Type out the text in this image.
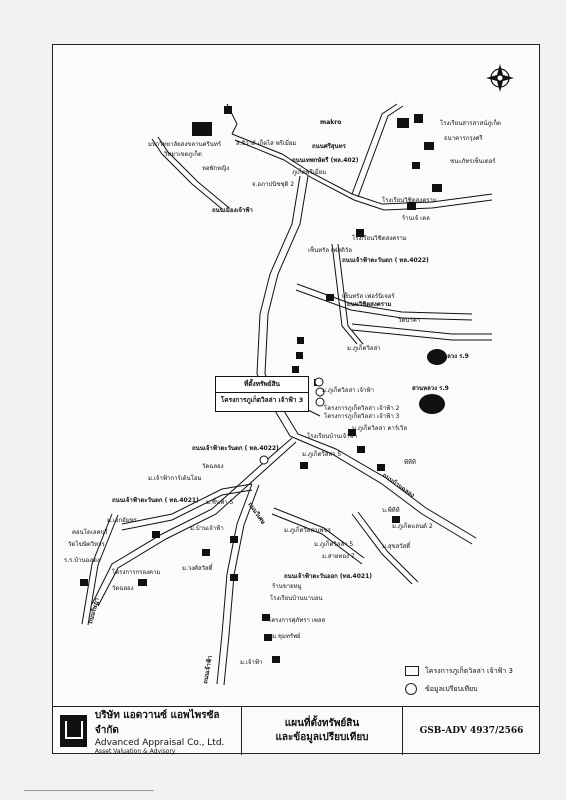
makro
มหาวิทยาลัยสงขลานครินทร์
วิทยาเขตภูเก็ต
หอพักหญิง
ส.ธิวาส์ เก็ตไส พรีเมี่ยม
โรงเรียนสารสาสน์ภูเก็ต
ธนาคารกรุงศรี
ชนะภัทรเซ็นเตอร์
ถนนศรีสุนทร
ถนนเทพกษัตรี (ทล.402)
ภูเก็ตพรีเมี่ยม
ถนนเมืองเจ้าฟ้า
จ.อภาปนิชชุติ 2
โรงเรียนวิชิตสงคราม
ร้านเจ้ เตล
โรงเรียนวิชิตสงคราม
ถนนเจ้าฟ้าตะวันตก ( ทล.4022)
เซ็นทรัล เฟสติวัล
เซ็นทรัล เฟอร์นิเจอร์
ถนนวิชิตสงคราม
วัดนาคา
สวนหลวง ร.9
สวนหลวง ร.9
ม.ภูเก็ตวิลล่า
ม.ภูเก็ตวิลล่า เจ้าฟ้า
โครงการภูเก็ตวิลล่า เจ้าฟ้า 2
โครงการภูเก็ตวิลล่า เจ้าฟ้า 3
ม.ภูเก็ตวิลล่า 5
โรงเรียนบ้านเจ้าฟ้า
ม.ภูเก็ตวิลล่า คาร์เวิล
ถนนเจ้าฟ้าตะวันตก ( ทล.4022)
วัดฉลอง
ถนนเจ้าฟ้าตะวันตก ( ทล.4021)
ม.เจ้าฟ้าการ์เด้นโฮม
ม.ซื่นฟ้า 5
ม.บ้านเจ้าฟ้า
ม.เอกอัมพร
คอนโดเลคบุรี
วัดโฆษิตวิหาร
ร.ร.บ้านฉลอง
โครงการกรองคาม
วัดฉลอง
ถนนเจ้าฟ้าตะวันออก (ทล.4021)
ม.ภูเก็ตวิลล่าเพชร
ม.ภูเก็ตวิลล่า 5
ม.สายทอง 7
ม.วงศ์สวัสดิ์
ร้านขายหมู
โรงเรียนบ้านนาบอน
โครงการศุภัทรา เพลส
ม.ชุมทรัพย์
ม.เจ้าฟ้า
บ.พีทีที
ม.ภูเก็ตแลนด์ 2
ม.สุขสวัสดิ์
พีทีที
ถนนบ้านฉลอง
ถนนวิเศษ
ถนนรัษฎา
ถนนเจ้าฟ้า
ที่ตั้งทรัพย์สิน
โครงการภูเก็ตวิลล่า เจ้าฟ้า 3
โครงการภูเก็ตวิลล่า เจ้าฟ้า 3
ข้อมูลเปรียบเทียบ
บริษัท แอดวานซ์ แอพไพรซัล จำกัด
Advanced Appraisal Co., Ltd.
Asset Valuation & Advisory
แผนที่ตั้งทรัพย์สิน
และข้อมูลเปรียบเทียบ
GSB-ADV 4937/2566
